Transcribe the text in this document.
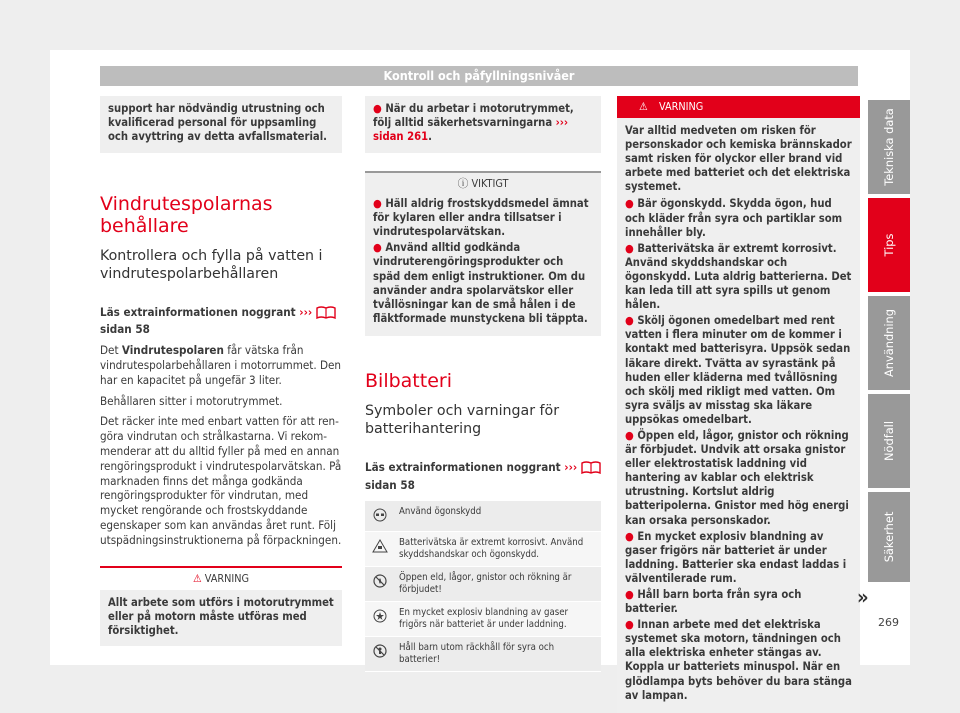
Kontroll och påfyllningsnivåer
support har nödvändig utrustning och kvalificerad personal för uppsamling och avyttring av detta avfallsmaterial.
Vindrutespolarnas behållare
Kontrollera och fylla på vatten i vindrutespolarbehållaren

Läs extrainformationen noggrant ›››  sidan 58

Det Vindrutespolaren får vätska från vindrutespolarbehållaren i motorrummet. Den har en kapacitet på ungefär 3 liter.

Behållaren sitter i motorutrymmet.

Det räcker inte med enbart vatten för att rengöra vindrutan och strålkastarna. Vi rekommenderar att du alltid fyller på med en annan rengöringsprodukt i vindrutespolarvätskan. På marknaden finns det många godkända rengöringsprodukter för vindrutan, med mycket rengörande och frostskyddande egenskaper som kan användas året runt. Följ utspädningsinstruktionerna på förpackningen.

⚠ VARNING
Allt arbete som utförs i motorutrymmet eller på motorn måste utföras med försiktighet.
● När du arbetar i motorutrymmet, följ alltid säkerhetsvarningarna ››› sidan 261.
ⓘ VIKTIGT
● Häll aldrig frostskyddsmedel ämnat för kylaren eller andra tillsatser i vindrutespolarvätskan.
● Använd alltid godkända vindruterengöringsprodukter och späd dem enligt instruktioner. Om du använder andra spolarvätskor eller tvållösningar kan de små hålen i de fläktformade munstyckena bli täppta.
Bilbatteri
Symboler och varningar för batterihantering

Läs extrainformationen noggrant ›››  sidan 58

	Använd ögonskydd
	Batterivätska är extremt korrosivt. Använd skyddshandskar och ögonskydd.
	Öppen eld, lågor, gnistor och rökning är förbjudet!
	En mycket explosiv blandning av gaser frigörs när batteriet är under laddning.
	Håll barn utom räckhåll för syra och batterier!
⚠ VARNING

Var alltid medveten om risken för personskador och kemiska brännskador samt risken för olyckor eller brand vid arbete med batteriet och det elektriska systemet.

● Bär ögonskydd. Skydda ögon, hud och kläder från syra och partiklar som innehåller bly.
● Batterivätska är extremt korrosivt. Använd skyddshandskar och ögonskydd. Luta aldrig batterierna. Det kan leda till att syra spills ut genom hålen.
● Skölj ögonen omedelbart med rent vatten i flera minuter om de kommer i kontakt med batterisyra. Uppsök sedan läkare direkt. Tvätta av syrastänk på huden eller kläderna med tvållösning och skölj med rikligt med vatten. Om syra sväljs av misstag ska läkare uppsökas omedelbart.
● Öppen eld, lågor, gnistor och rökning är förbjudet. Undvik att orsaka gnistor eller elektrostatisk laddning vid hantering av kablar och elektrisk utrustning. Kortslut aldrig batteripolerna. Gnistor med hög energi kan orsaka personskador.
● En mycket explosiv blandning av gaser frigörs när batteriet är under laddning. Batterier ska endast laddas i välventilerade rum.
● Håll barn borta från syra och batterier.
● Innan arbete med det elektriska systemet ska motorn, tändningen och alla elektriska enheter stängas av. Koppla ur batteriets minuspol. När en glödlampa byts behöver du bara stänga av lampan.
»
Tekniska data
Tips
Användning
Nödfall
Säkerhet
269
